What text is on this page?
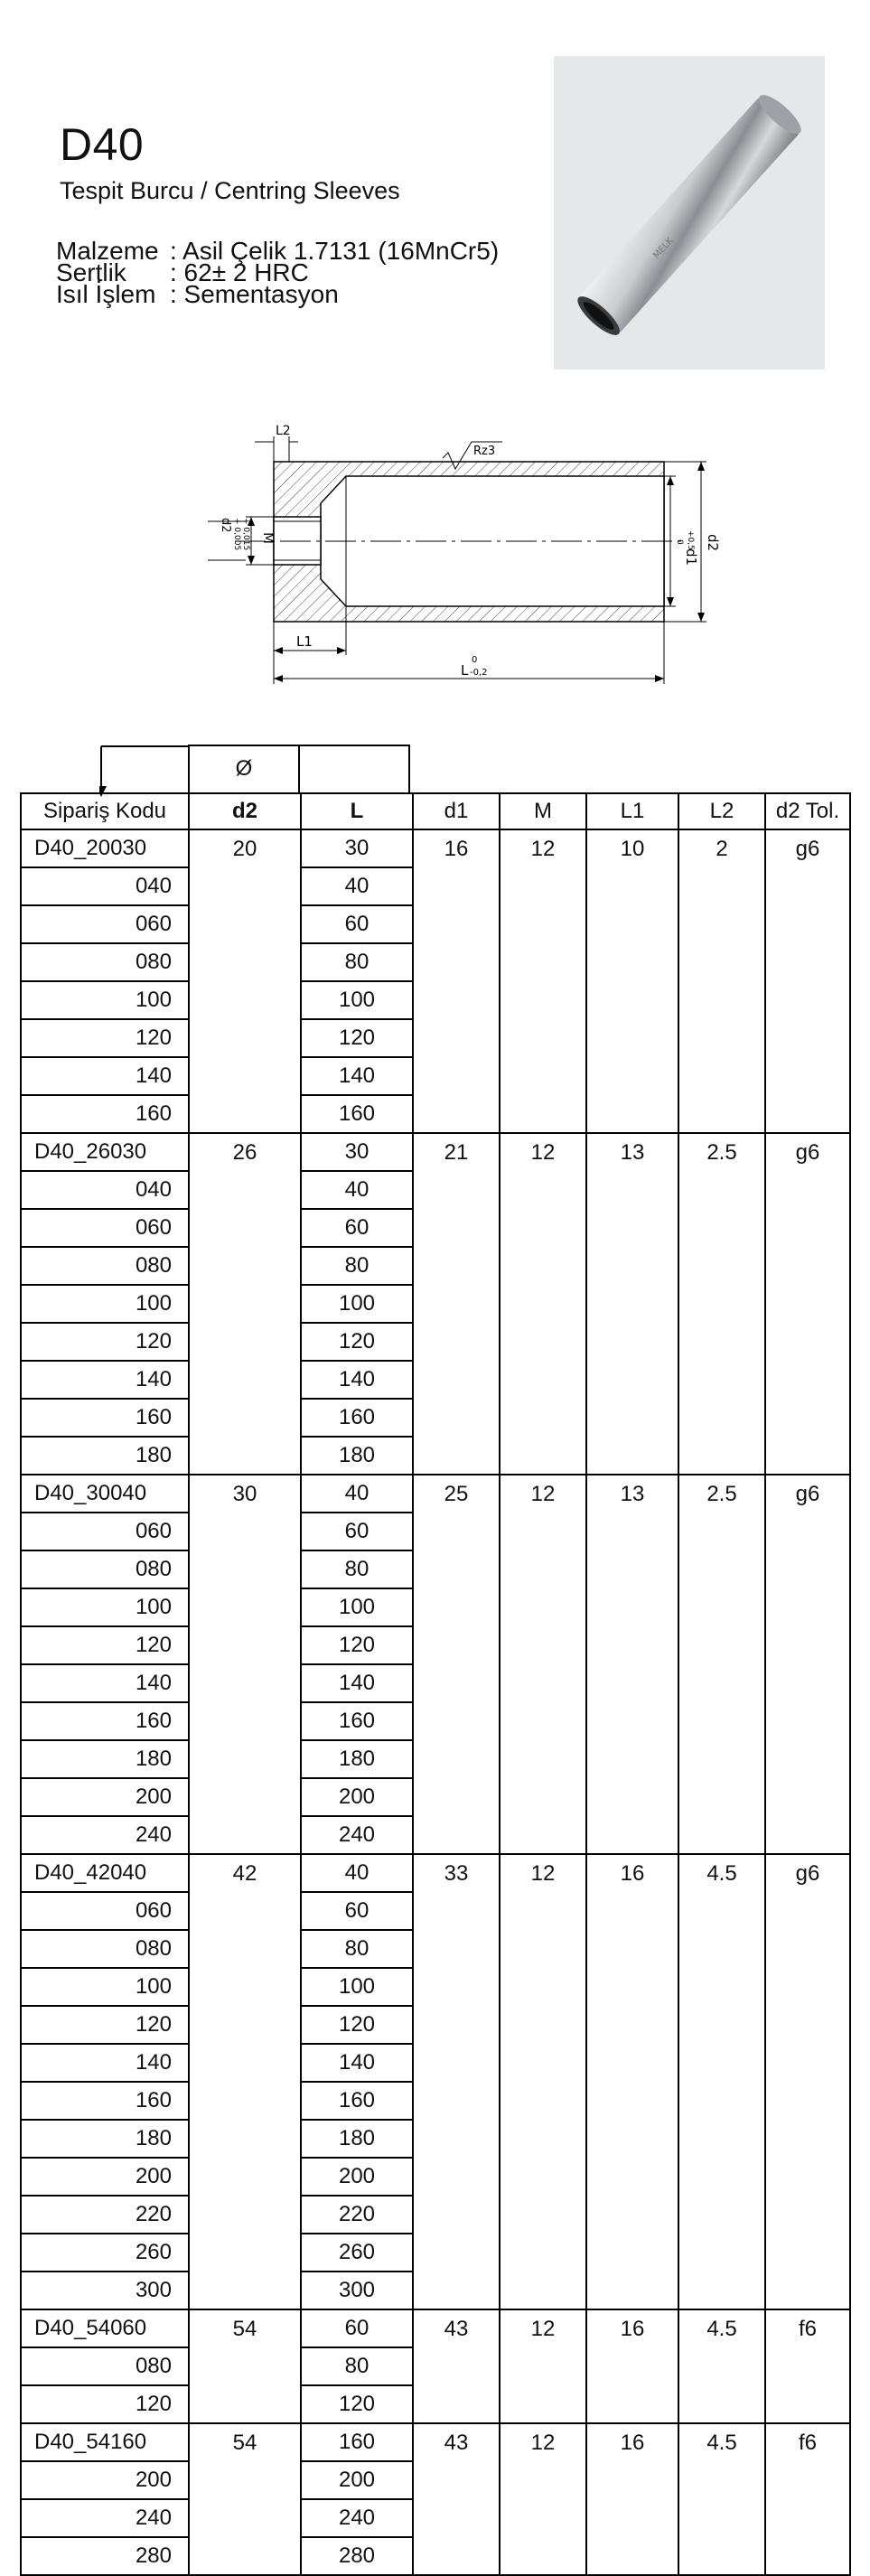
D40
Tespit Burcu / Centring Sleeves
Malzeme : Asil Çelik 1.7131 (16MnCr5)
Sertlik	: 62± 2 HRC
Isıl İşlem : Sementasyon
MELK
L2
Rz3
L1
L
0
-0,2
d1
+0,5
0 d2
M
d2 + 0,005 + 0,015
Ø
Sipariş Kodu	d2	L	d1	M	L1	L2	d2 Tol.
D40_20030	20	30	16	12	10	2	g6
040		40					
060		60					
080		80					
100		100					
120		120					
140		140					
160		160					
D40_26030	26	30	21	12	13	2.5	g6
040		40					
060		60					
080		80					
100		100					
120		120					
140		140					
160		160					
180		180					
D40_30040	30	40	25	12	13	2.5	g6
060		60					
080		80					
100		100					
120		120					
140		140					
160		160					
180		180					
200		200					
240		240					
D40_42040	42	40	33	12	16	4.5	g6
060		60					
080		80					
100		100					
120		120					
140		140					
160		160					
180		180					
200		200					
220		220					
260		260					
300		300					
D40_54060	54	60	43	12	16	4.5	f6
080		80					
120		120					
D40_54160	54	160	43	12	16	4.5	f6
200		200					
240		240					
280		280					
